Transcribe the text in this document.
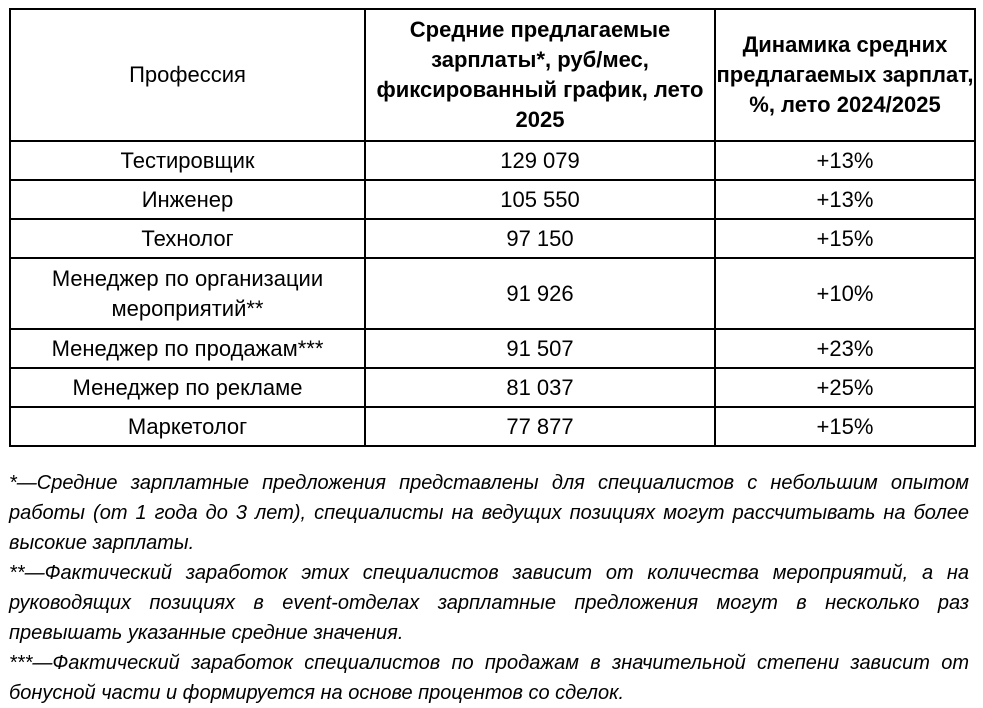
Профессия	Средние предлагаемые зарплаты*, руб/мес, фиксированный график, лето 2025	Динамика средних предлагаемых зарплат, %, лето 2024/2025
Тестировщик	129 079	+13%
Инженер	105 550	+13%
Технолог	97 150	+15%
Менеджер по организации мероприятий**	91 926	+10%
Менеджер по продажам***	91 507	+23%
Менеджер по рекламе	81 037	+25%
Маркетолог	77 877	+15%

*—Средние зарплатные предложения представлены для специалистов с небольшим опытом работы (от 1 года до 3 лет), специалисты на ведущих позициях могут рассчитывать на более высокие зарплаты.

**—Фактический заработок этих специалистов зависит от количества мероприятий, а на руководящих позициях в event-отделах зарплатные предложения могут в несколько раз превышать указанные средние значения.

***—Фактический заработок специалистов по продажам в значительной степени зависит от бонусной части и формируется на основе процентов со сделок.
